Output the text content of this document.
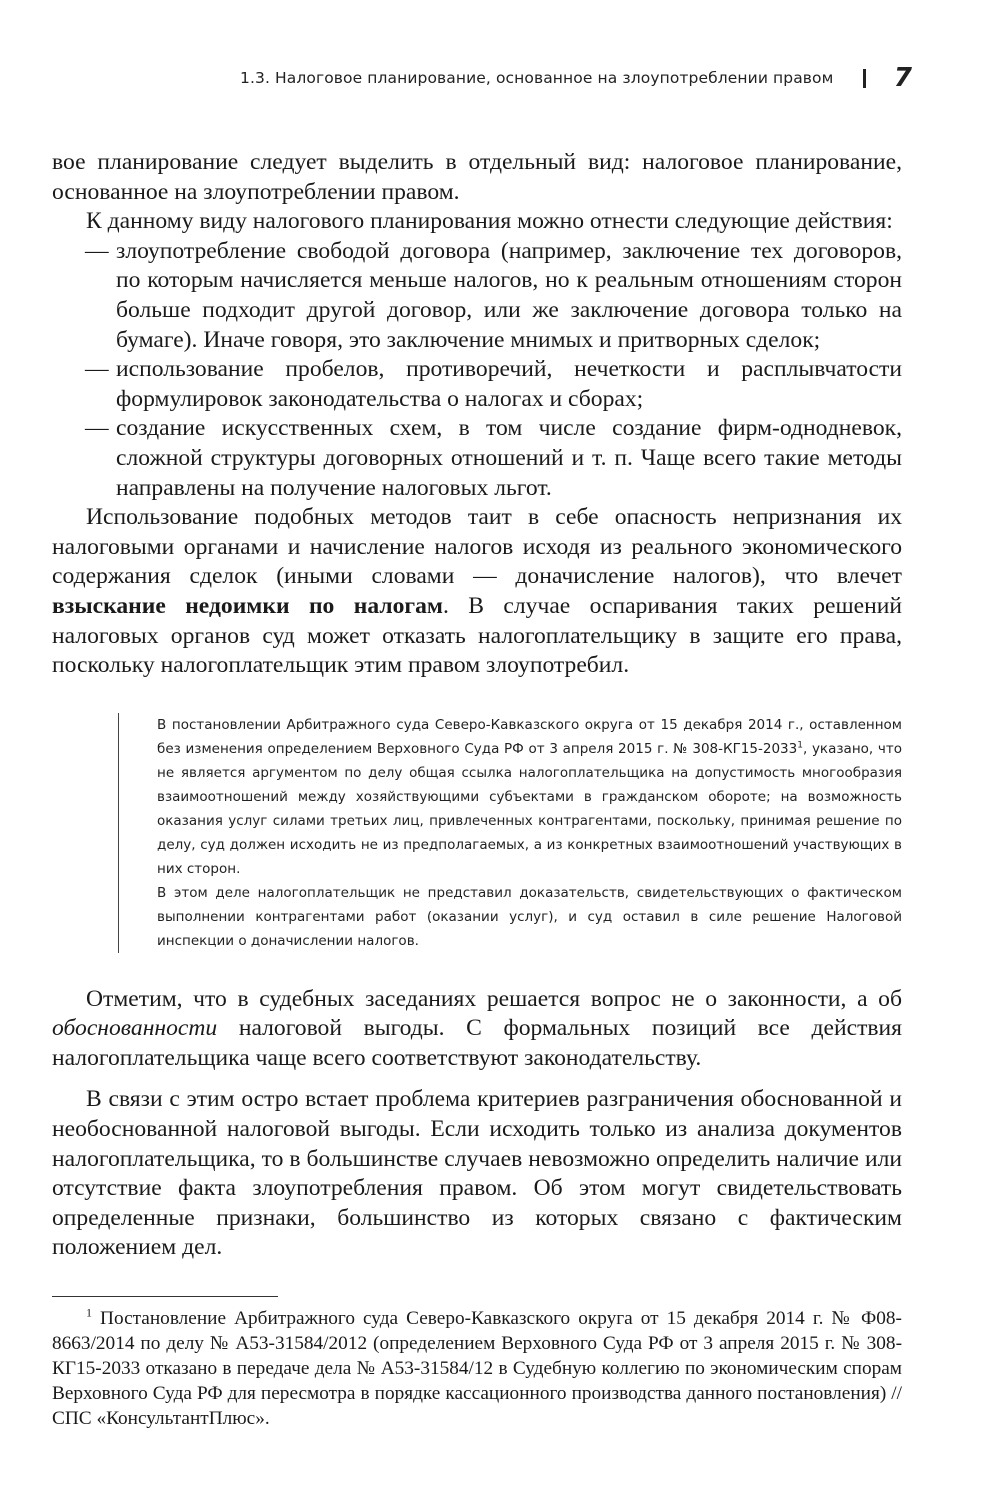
1.3. Налоговое планирование, основанное на злоупотреблении правом 7

вое планирование следует выделить в отдельный вид: налоговое планирование, основанное на злоупотреблении правом.

К данному виду налогового планирования можно отнести следующие действия:

— злоупотребление свободой договора (например, заключение тех договоров, по которым начисляется меньше налогов, но к реальным отношениям сторон больше подходит другой договор, или же заключение договора только на бумаге). Иначе говоря, это заключение мнимых и притворных сделок;
— использование пробелов, противоречий, нечеткости и расплывчатости формулировок законодательства о налогах и сборах;
— создание искусственных схем, в том числе создание фирм-однодневок, сложной структуры договорных отношений и т. п. Чаще всего такие методы направлены на получение налоговых льгот.

Использование подобных методов таит в себе опасность непризнания их налоговыми органами и начисление налогов исходя из реального экономического содержания сделок (иными словами — доначисление налогов), что влечет взыскание недоимки по налогам. В случае оспаривания таких решений налоговых органов суд может отказать налогоплательщику в защите его права, поскольку налогоплательщик этим правом злоупотребил.

В постановлении Арбитражного суда Северо-Кавказского округа от 15 декабря 2014 г., оставленном без изменения определением Верховного Суда РФ от 3 апреля 2015 г. № 308-КГ15-2033$^1$, указано, что не является аргументом по делу общая ссылка налогоплательщика на допустимость многообразия взаимоотношений между хозяйствующими субъектами в гражданском обороте; на возможность оказания услуг силами третьих лиц, привлеченных контрагентами, поскольку, принимая решение по делу, суд должен исходить не из предполагаемых, а из конкретных взаимоотношений участвующих в них сторон.

В этом деле налогоплательщик не представил доказательств, свидетельствующих о фактическом выполнении контрагентами работ (оказании услуг), и суд оставил в силе решение Налоговой инспекции о доначислении налогов.

Отметим, что в судебных заседаниях решается вопрос не о законности, а об обоснованности налоговой выгоды. С формальных позиций все действия налогоплательщика чаще всего соответствуют законодательству.

В связи с этим остро встает проблема критериев разграничения обоснованной и необоснованной налоговой выгоды. Если исходить только из анализа документов налогоплательщика, то в большинстве случаев невозможно определить наличие или отсутствие факта злоупотребления правом. Об этом могут свидетельствовать определенные признаки, большинство из которых связано с фактическим положением дел.

$^1$ Постановление Арбитражного суда Северо-Кавказского округа от 15 декабря 2014 г. № Ф08-8663/2014 по делу № А53-31584/2012 (определением Верховного Суда РФ от 3 апреля 2015 г. № 308-КГ15-2033 отказано в передаче дела № А53-31584/12 в Судебную коллегию по экономическим спорам Верховного Суда РФ для пересмотра в порядке кассационного производства данного постановления) // СПС «КонсультантПлюс».
